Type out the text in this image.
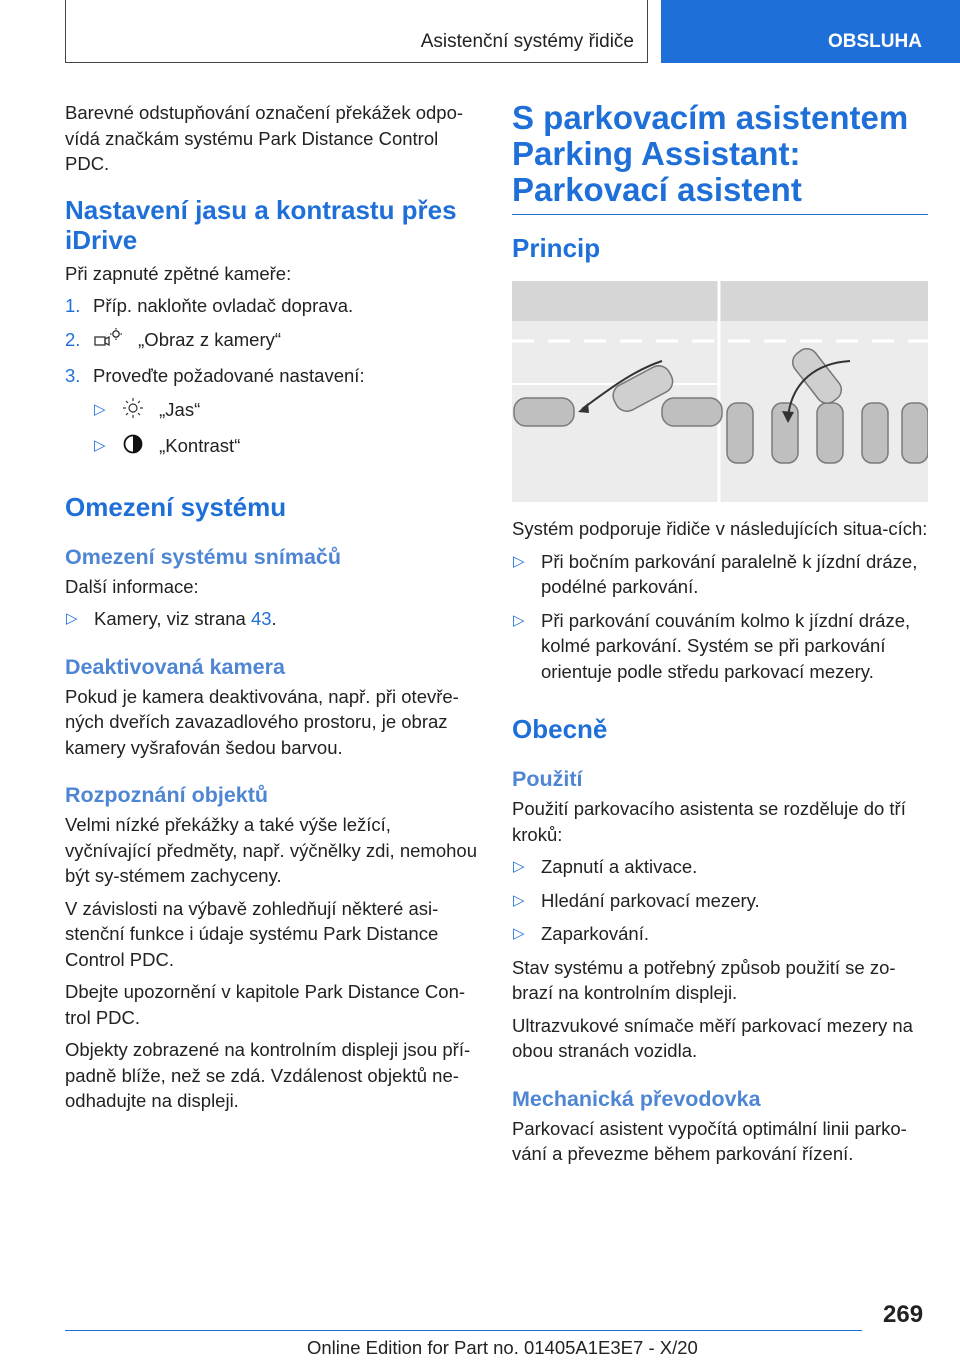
Asistenční systémy řidiče	OBSLUHA

Barevné odstupňování označení překážek odpo-vídá značkám systému Park Distance Control PDC.

Nastavení jasu a kontrastu přes iDrive

Při zapnuté zpětné kameře:

1. Příp. nakloňte ovladač doprava.
2.	„Obraz z kamery“
3. Proveďte požadované nastavení:
▷	„Jas“
▷	„Kontrast“
Omezení systému
Omezení systému snímačů

Další informace:

▷ Kamery, viz strana 43.
Deaktivovaná kamera

Pokud je kamera deaktivována, např. při otevře-ných dveřích zavazadlového prostoru, je obraz kamery vyšrafován šedou barvou.

Rozpoznání objektů

Velmi nízké překážky a také výše ležící, vyčnívající předměty, např. výčnělky zdi, nemohou být sy-stémem zachyceny.

V závislosti na výbavě zohledňují některé asi-stenční funkce i údaje systému Park Distance Control PDC.

Dbejte upozornění v kapitole Park Distance Con-trol PDC.

Objekty zobrazené na kontrolním displeji jsou pří-padně blíže, než se zdá. Vzdálenost objektů ne-odhadujte na displeji.

S parkovacím asistentem Parking Assistant: Parkovací asistent
Princip

Systém podporuje řidiče v následujících situa-cích:

▷ Při bočním parkování paralelně k jízdní dráze, podélné parkování.
▷ Při parkování couváním kolmo k jízdní dráze, kolmé parkování. Systém se při parkování orientuje podle středu parkovací mezery.
Obecně
Použití

Použití parkovacího asistenta se rozděluje do tří kroků:

▷ Zapnutí a aktivace.
▷ Hledání parkovací mezery.
▷ Zaparkování.

Stav systému a potřebný způsob použití se zo-brazí na kontrolním displeji.

Ultrazvukové snímače měří parkovací mezery na obou stranách vozidla.

Mechanická převodovka

Parkovací asistent vypočítá optimální linii parko-vání a převezme během parkování řízení.

269
Online Edition for Part no. 01405A1E3E7 - X/20
